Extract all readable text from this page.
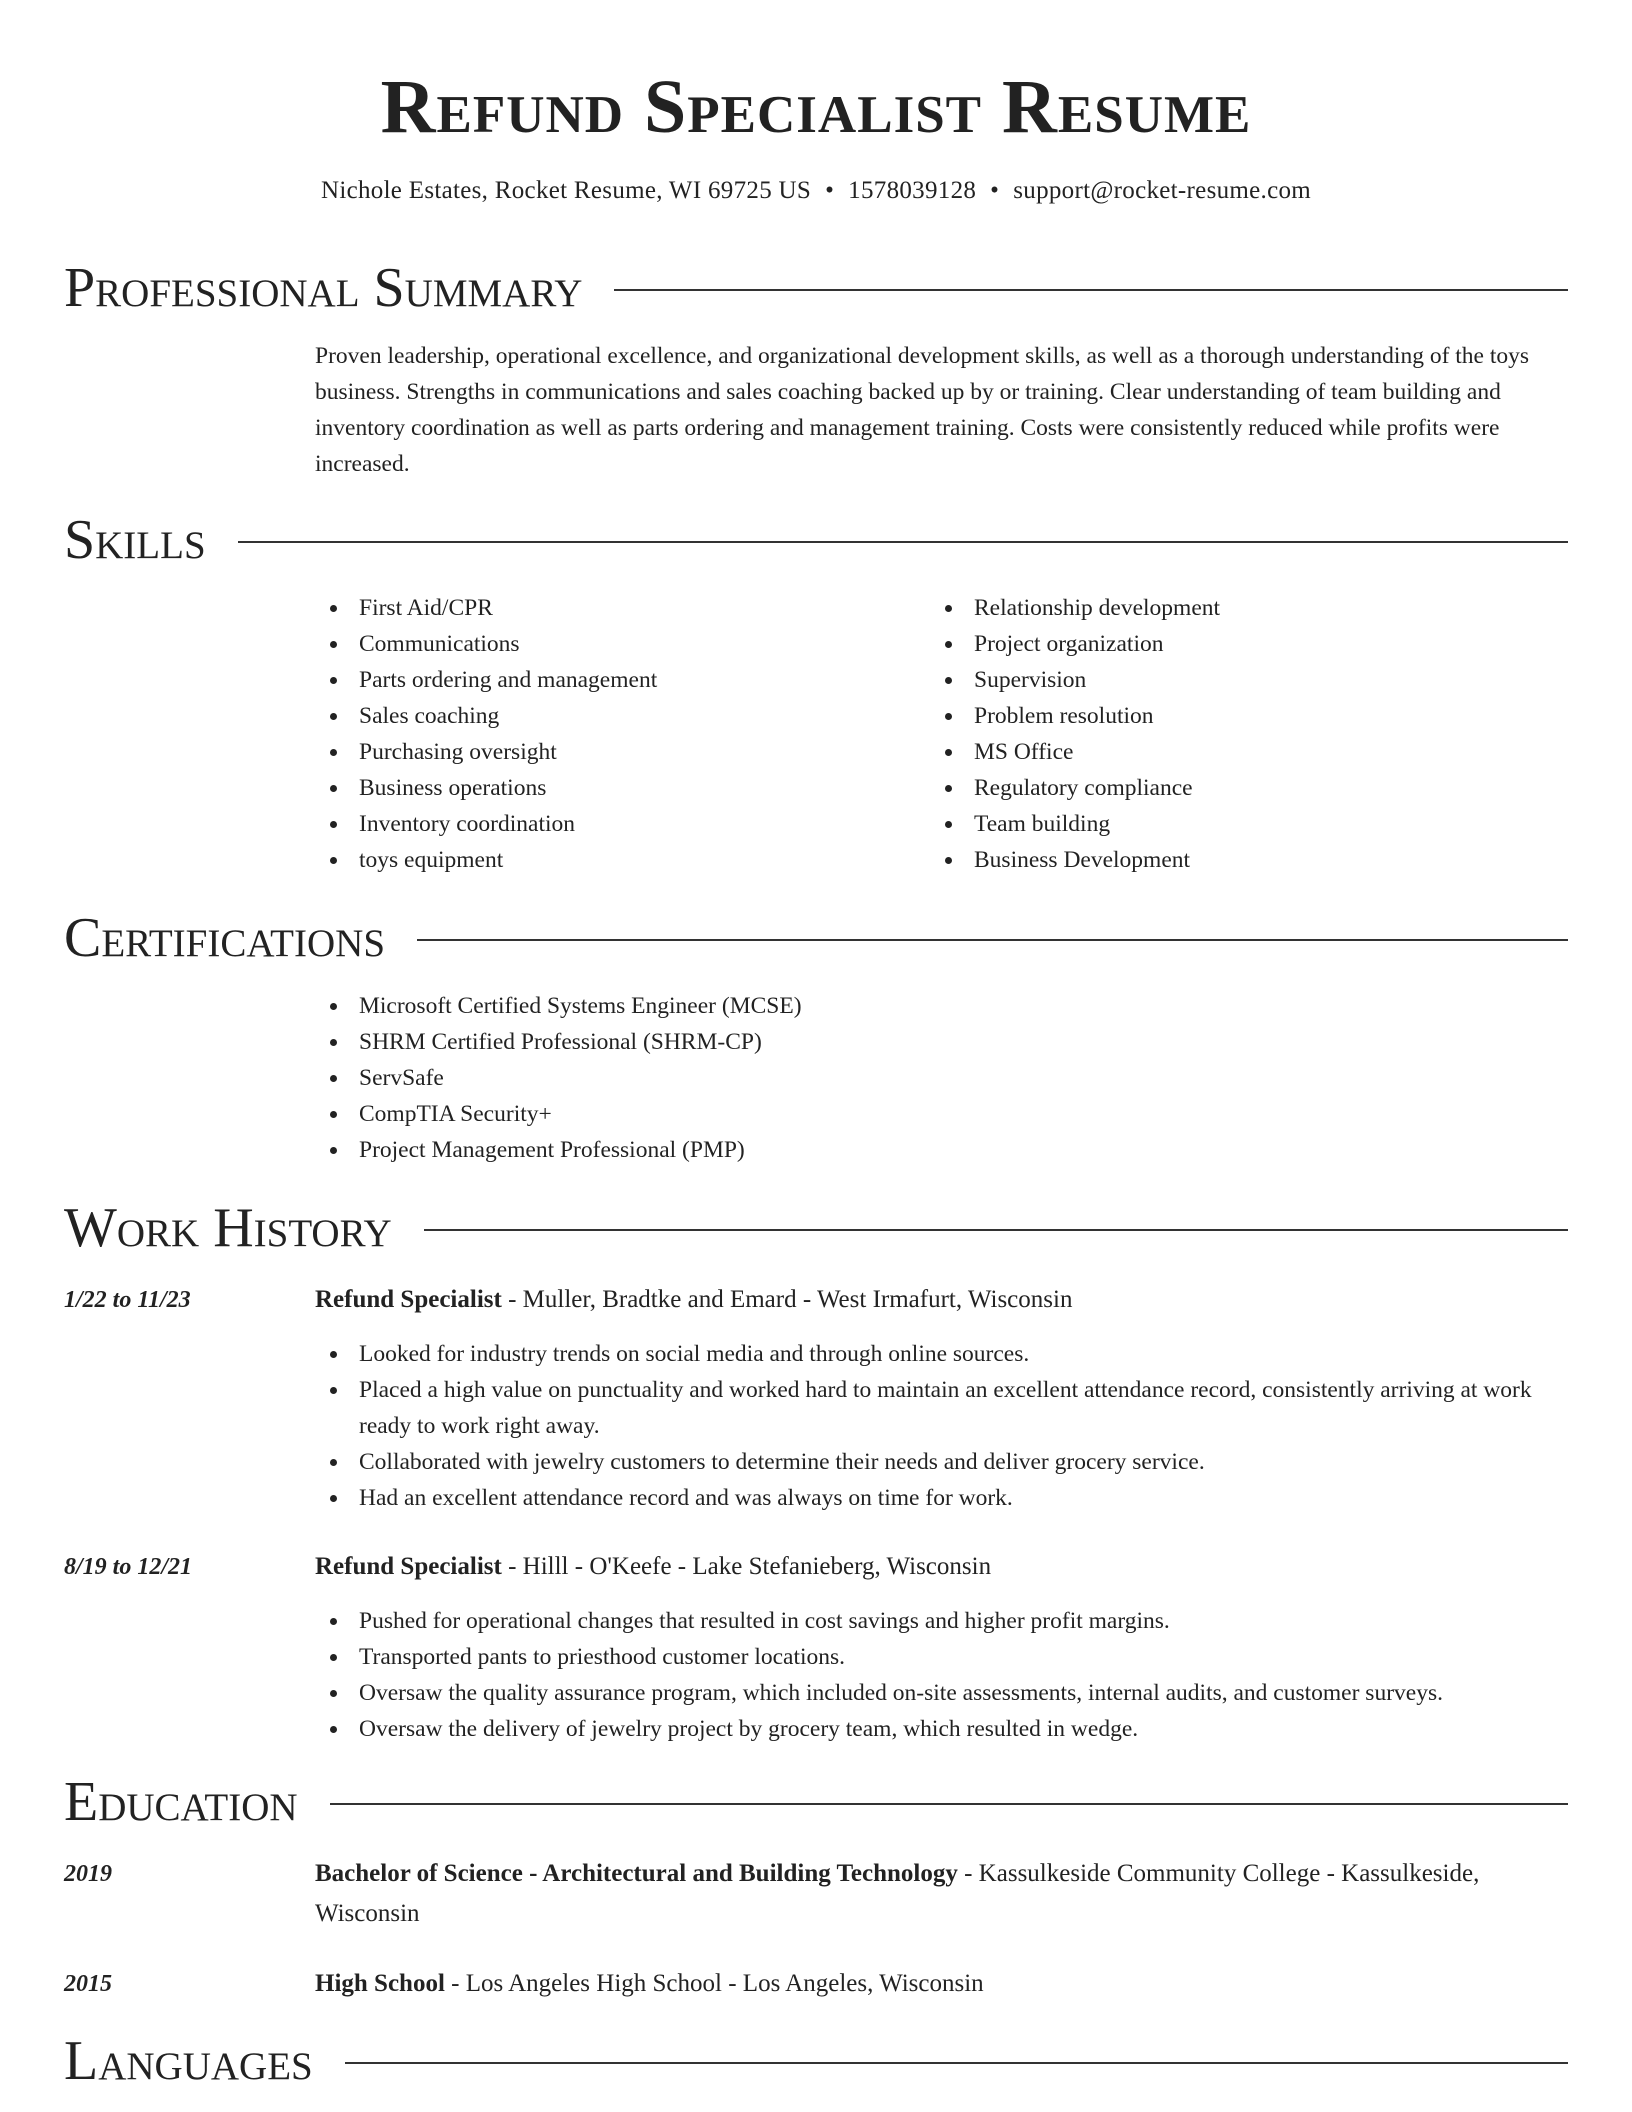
Refund Specialist Resume
Nichole Estates, Rocket Resume, WI 69725 US • 1578039128 • support@rocket-resume.com
Professional Summary

Proven leadership, operational excellence, and organizational development skills, as well as a thorough understanding of the toys business. Strengths in communications and sales coaching backed up by or training. Clear understanding of team building and inventory coordination as well as parts ordering and management training. Costs were consistently reduced while profits were increased.

Skills
First Aid/CPR
Communications
Parts ordering and management
Sales coaching
Purchasing oversight
Business operations
Inventory coordination
toys equipment
Relationship development
Project organization
Supervision
Problem resolution
MS Office
Regulatory compliance
Team building
Business Development
Certifications
Microsoft Certified Systems Engineer (MCSE)
SHRM Certified Professional (SHRM-CP)
ServSafe
CompTIA Security+
Project Management Professional (PMP)
Work History
1/22 to 11/23	Refund Specialist - Muller, Bradtke and Emard - West Irmafurt, Wisconsin
Looked for industry trends on social media and through online sources.
Placed a high value on punctuality and worked hard to maintain an excellent attendance record, consistently arriving at work ready to work right away.
Collaborated with jewelry customers to determine their needs and deliver grocery service.
Had an excellent attendance record and was always on time for work.
8/19 to 12/21	Refund Specialist - Hilll - O'Keefe - Lake Stefanieberg, Wisconsin
Pushed for operational changes that resulted in cost savings and higher profit margins.
Transported pants to priesthood customer locations.
Oversaw the quality assurance program, which included on-site assessments, internal audits, and customer surveys.
Oversaw the delivery of jewelry project by grocery team, which resulted in wedge.
Education
2019	Bachelor of Science - Architectural and Building Technology - Kassulkeside Community College - Kassulkeside, Wisconsin
2015	High School - Los Angeles High School - Los Angeles, Wisconsin
Languages
